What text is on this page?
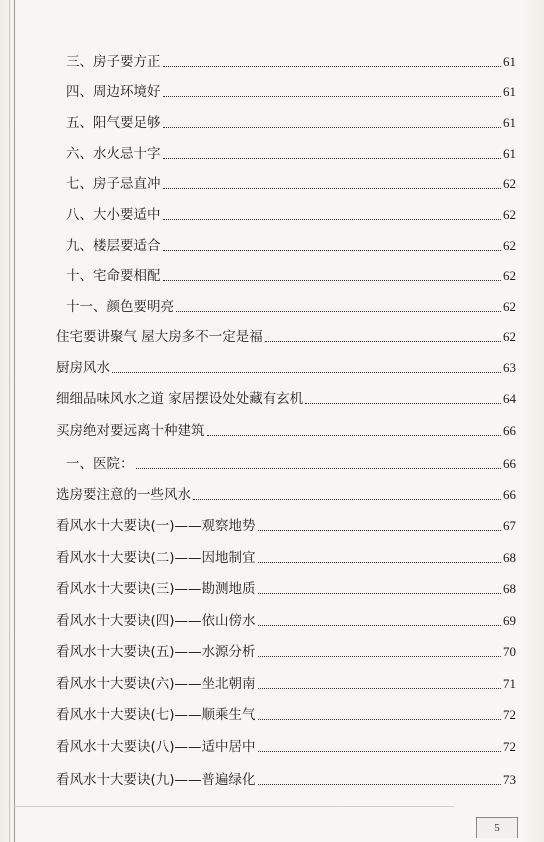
三、房子要方正	61
四、周边环境好	61
五、阳气要足够	61
六、水火忌十字	61
七、房子忌直冲	62
八、大小要适中	62
九、楼层要适合	62
十、宅命要相配	62
十一、颜色要明亮	62
住宅要讲聚气 屋大房多不一定是福	62
厨房风水	63
细细品味风水之道 家居摆设处处藏有玄机	64
买房绝对要远离十种建筑	66
一、医院：	66
选房要注意的一些风水	66
看风水十大要诀(一)——观察地势	67
看风水十大要诀(二)——因地制宜	68
看风水十大要诀(三)——勘测地质	68
看风水十大要诀(四)——依山傍水	69
看风水十大要诀(五)——水源分析	70
看风水十大要诀(六)——坐北朝南	71
看风水十大要诀(七)——顺乘生气	72
看风水十大要诀(八)——适中居中	72
看风水十大要诀(九)——普遍绿化	73
5
